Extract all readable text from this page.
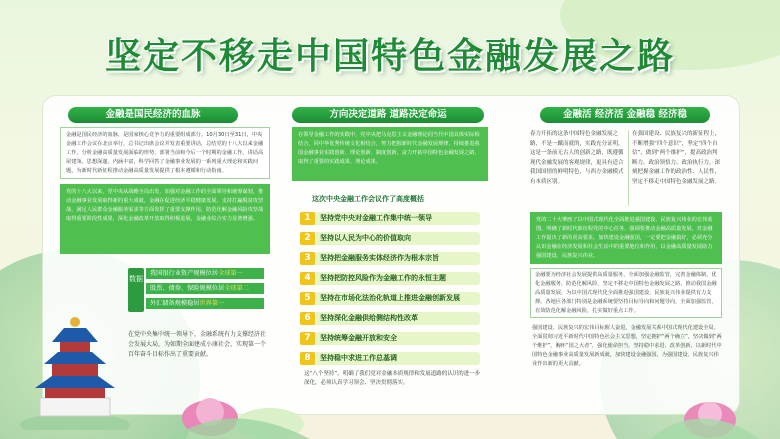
坚定不移走中国特色金融发展之路
金融是国民经济的血脉
金融是国民经济的血脉，是国家核心竞争力的重要组成部分。10月30日至31日，中央金融工作会议在北京举行，总书记出席会议并发表重要讲话，总结党的十八大以来金融工作，分析金融高质量发展面临的形势，部署当前和今后一个时期的金融工作。讲话高屋建瓴、思想深邃、内涵丰富，科学回答了金融事业发展的一系列重大理论和实践问题，为新时代新征程推动金融高质量发展提供了根本遵循和行动指南。
党的十八大以来，党中央从战略全局出发，加强对金融工作的全面领导和统筹谋划，推动金融事业发展取得新的重大成就，金融在促进经济平稳健康发展、支持打赢脱贫攻坚战、满足人民群众金融服务需求等方面发挥了重要支撑作用，防范化解金融风险攻坚战取得重要阶段性成果，深化金融改革开放取得积极进展，金融业综合实力显著增强。
数据
我国银行业资产规模位居全球第一
股票、债券、保险规模位居全球第二
外汇储备规模稳居世界第一
在党中央集中统一领导下，金融系统有力支撑经济社会发展大局，为如期全面建成小康社会、实现第一个百年奋斗目标作出了重要贡献。
方向决定道路 道路决定命运
在领导金融工作的实践中，党中央把马克思主义金融理论同当代中国具体实际相结合，同中华优秀传统文化相结合，努力把握新时代金融发展规律，持续推进我国金融事业实践创新、理论创新、制度创新，奋力开拓中国特色金融发展之路，取得了重要的实践成果、理论成果。
这次中央金融工作会议作了高度概括
1	坚持党中央对金融工作集中统一领导
2	坚持以人民为中心的价值取向
3	坚持把金融服务实体经济作为根本宗旨
4	坚持把防控风险作为金融工作的永恒主题
5	坚持在市场化法治化轨道上推进金融创新发展
6	坚持深化金融供给侧结构性改革
7	坚持统筹金融开放和安全
8	坚持稳中求进工作总基调
这“八个坚持”，明确了我们党对金融本质规律和发展道路的认识的进一步深化，必须认真学习领会、坚决贯彻落实。
金融活 经济活 金融稳 经济稳
春力开拓的这条中国特色金融发展之路，不是一蹴而就的，实践充分证明，这是一条前无古人的创新之路，既遵循现代金融发展的客观规律，更具有适合我国国情的鲜明特色，与西方金融模式有本质区别。
在强国建设、民族复兴的新征程上，不断增强“四个意识”，坚定“四个自信”，做到“两个维护”，提高政治判断力、政治领悟力、政治执行力，深刻把握金融工作的政治性、人民性，坚定不移走中国特色金融发展之路。
党的二十大擘画了以中国式现代化全面推进强国建设、民族复兴伟业的宏伟蓝图。明确了新时代新征程党的中心任务，强调要推动金融高质量发展。对金融工作提出了新的更高要求。加快建设金融强国，一定要把金融搞好，必须充分认识金融在经济发展和社会生活中的重要地位和作用，以金融高质量发展助力强国建设、民族复兴伟业。
金融要为经济社会发展提供高质量服务，全面加强金融监管，完善金融体制，优化金融服务，防范化解风险，坚定不移走中国特色金融发展之路，推动我国金融高质量发展，为以中国式现代化全面推进强国建设、民族复兴伟业提供有力支撑。各地区各部门特别是金融系统要坚持目标导向和问题导向，全面加强监管，有效防范化解金融风险，扎实做好重点工作。
强国建设、民族复兴的宏伟目标催人奋进，金融发展关系中国式现代化建设全局。全面贯彻习近平新时代中国特色社会主义思想，坚定拥护“两个确立”，坚决做到“两个维护”，胸怀“国之大者”，强化使命担当，坚持稳中求进、改革创新，以新时代中国特色金融事业高质量发展新成就，加快建设金融强国，为强国建设、民族复兴伟业作出新的更大贡献。
